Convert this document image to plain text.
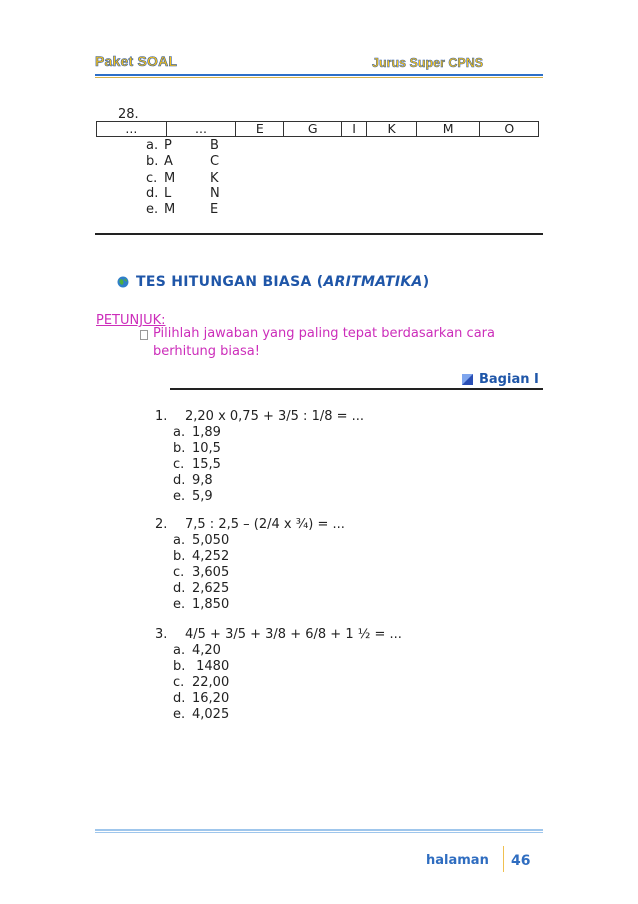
Paket SOAL	Jurus Super CPNS
28.
...	...	E	G	I	K	M	O
a. P	B
b. A	C
c. M	K
d. L	N
e. M	E
TES HITUNGAN BIASA (ARITMATIKA)
PETUNJUK:
Pilihlah jawaban yang paling tepat berdasarkan cara
berhitung biasa!
Bagian I
1. 2,20 x 0,75 + 3/5 : 1/8 = ...
a. 1,89
b. 10,5
c. 15,5
d. 9,8
e. 5,9
2. 7,5 : 2,5 – (2/4 x ¾) = ...
a. 5,050
b. 4,252
c. 3,605
d. 2,625
e. 1,850
3. 4/5 + 3/5 + 3/8 + 6/8 + 1 ½ = ...
a. 4,20
b. 1480
c. 22,00
d. 16,20
e. 4,025
halaman 46
